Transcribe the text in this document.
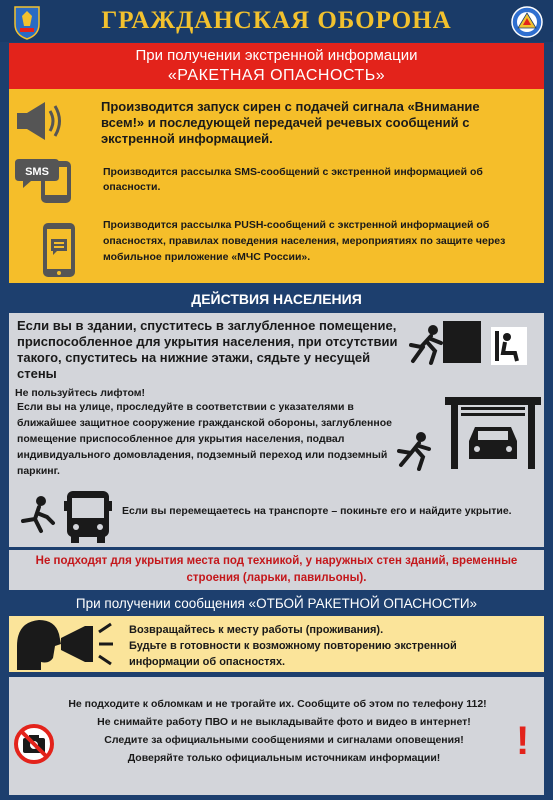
ГРАЖДАНСКАЯ ОБОРОНА
При получении экстренной информации
«РАКЕТНАЯ ОПАСНОСТЬ»
Производится запуск сирен с подачей сигнала «Внимание всем!» и последующей передачей речевых сообщений с экстренной информацией.
SMS	Производится рассылка SMS-сообщений с экстренной информацией об опасности.
Производится рассылка PUSH-сообщений с экстренной информацией об опасностях, правилах поведения населения, мероприятиях по защите через мобильное приложение «МЧС России».
ДЕЙСТВИЯ НАСЕЛЕНИЯ
Если вы в здании, спуститесь в заглубленное помещение, приспособленное для укрытия населения, при отсутствии такого, спуститесь на нижние этажи, сядьте у несущей стены
Не пользуйтесь лифтом!
Если вы на улице, проследуйте в соответствии с указателями в ближайшее защитное сооружение гражданской обороны, заглубленное помещение приспособленное для укрытия населения, подвал индивидуального домовладения, подземный переход или подземный паркинг.
Если вы перемещаетесь на транспорте – покиньте его и найдите укрытие.
Не подходят для укрытия места под техникой, у наружных стен зданий, временные строения (ларьки, павильоны).
При получении сообщения «ОТБОЙ РАКЕТНОЙ ОПАСНОСТИ»
Возвращайтесь к месту работы (проживания).
Будьте в готовности к возможному повторению экстренной информации об опасностях.
Не подходите к обломкам и не трогайте их. Сообщите об этом по телефону 112!
Не снимайте работу ПВО и не выкладывайте фото и видео в интернет!
Следите за официальными сообщениями и сигналами оповещения!
Доверяйте только официальным источникам информации!	!
